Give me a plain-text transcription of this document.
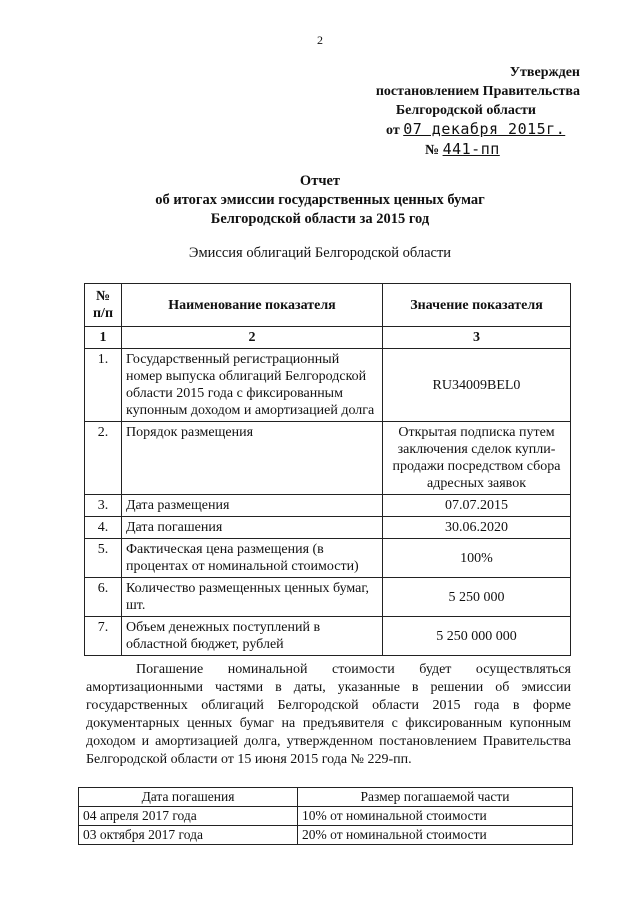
2
Утвержден
постановлением Правительства
Белгородской области
от 07 декабря 2015г.
№ 441-пп
Отчет
об итогах эмиссии государственных ценных бумаг
Белгородской области за 2015 год
Эмиссия облигаций Белгородской области
№ п/п	Наименование показателя	Значение показателя
1	2	3
1.	Государственный регистрационный номер выпуска облигаций Белгородской области 2015 года с фиксированным купонным доходом и амортизацией долга	RU34009BEL0
2.	Порядок размещения	Открытая подписка путем заключения сделок купли-продажи посредством сбора адресных заявок
3.	Дата размещения	07.07.2015
4.	Дата погашения	30.06.2020
5.	Фактическая цена размещения (в процентах от номинальной стоимости)	100%
6.	Количество размещенных ценных бумаг, шт.	5 250 000
7.	Объем денежных поступлений в областной бюджет, рублей	5 250 000 000
Погашение номинальной стоимости будет осуществляться амортизационными частями в даты, указанные в решении об эмиссии государственных облигаций Белгородской области 2015 года в форме документарных ценных бумаг на предъявителя с фиксированным купонным доходом и амортизацией долга, утвержденном постановлением Правительства Белгородской области от 15 июня 2015 года № 229-пп.
Дата погашения	Размер погашаемой части
04 апреля 2017 года	10% от номинальной стоимости
03 октября 2017 года	20% от номинальной стоимости
